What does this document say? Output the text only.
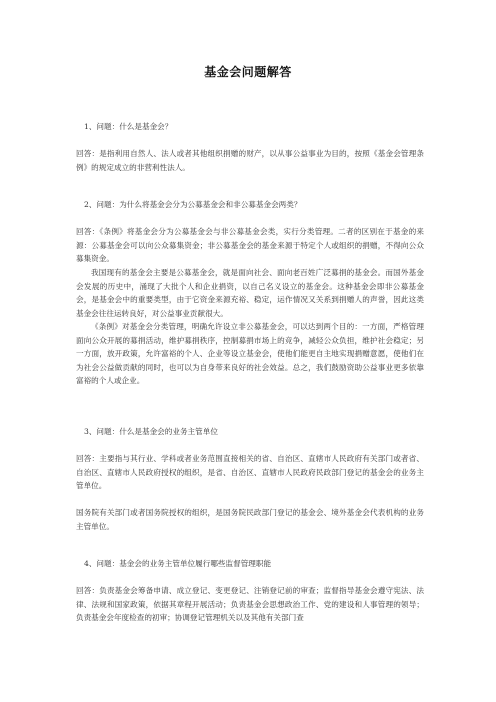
基金会问题解答

1、问题：什么是基金会？

回答：是指利用自然人、法人或者其他组织捐赠的财产，以从事公益事业为目的，按照《基金会管理条例》的规定成立的非营利性法人。

2、问题：为什么将基金会分为公募基金会和非公募基金会两类？

回答：《条例》将基金会分为公募基金会与非公募基金会类，实行分类管理。二者的区别在于基金的来源：公募基金会可以向公众募集资金；非公募基金会的基金来源于特定个人或组织的捐赠，不得向公众募集资金。

我国现有的基金会主要是公募基金会，就是面向社会、面向老百姓广泛募捐的基金会。而国外基金会发展的历史中，涌现了大批个人和企业捐资，以自己名义设立的基金会。这种基金会即非公募基金会，是基金会中的重要类型，由于它资金来源充裕、稳定，运作情况又关系到捐赠人的声誉，因此这类基金会往往运转良好，对公益事业贡献很大。

《条例》对基金会分类管理，明确允许设立非公募基金会，可以达到两个目的：一方面，严格管理面向公众开展的募捐活动，维护募捐秩序，控制募捐市场上的竞争，减轻公众负担，维护社会稳定；另一方面，放开政策，允许富裕的个人、企业等设立基金会，使他们能更自主地实现捐赠意愿，使他们在为社会公益做贡献的同时，也可以为自身带来良好的社会效益。总之，我们鼓励资助公益事业更多依靠富裕的个人或企业。

3、问题：什么是基金会的业务主管单位

回答：主要指与其行业、学科或者业务范围直接相关的省、自治区、直辖市人民政府有关部门或者省、自治区、直辖市人民政府授权的组织，是省、自治区、直辖市人民政府民政部门登记的基金会的业务主管单位。

国务院有关部门或者国务院授权的组织，是国务院民政部门登记的基金会、境外基金会代表机构的业务主管单位。

4、问题：基金会的业务主管单位履行哪些监督管理职能

回答：负责基金会筹备申请、成立登记、变更登记、注销登记前的审查；监督指导基金会遵守宪法、法律、法规和国家政策，依据其章程开展活动；负责基金会思想政治工作、党的建设和人事管理的领导；负责基金会年度检查的初审；协调登记管理机关以及其他有关部门查
